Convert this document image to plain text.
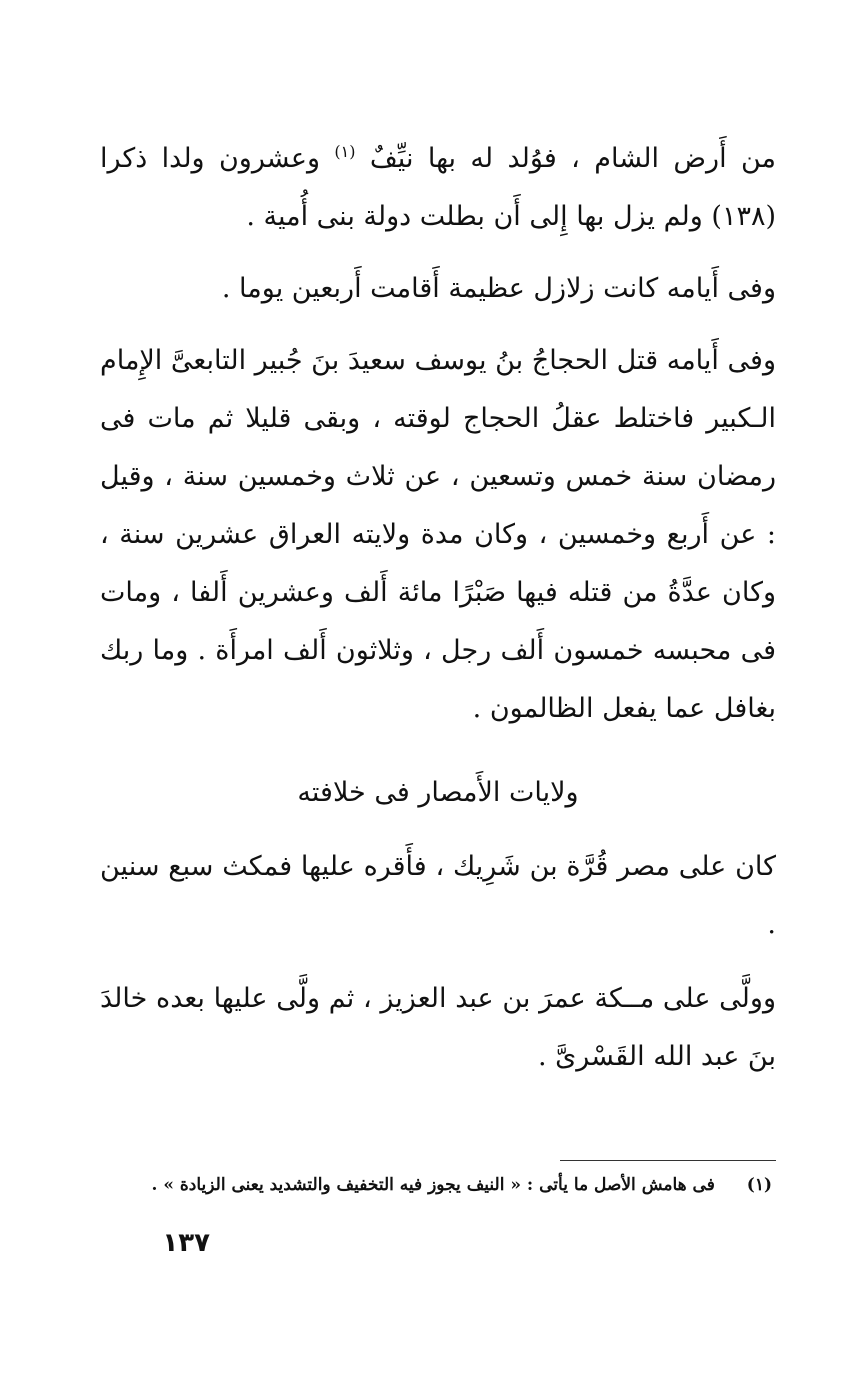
من أَرض الشام ، فوُلد له بها نيِّفٌ $^{(١)}$ وعشرون ولدا ذكرا (١٣٨) ولم يزل بها إِلى أَن بطلت دولة بنى أُمية .

وفى أَيامه كانت زلازل عظيمة أَقامت أَربعين يوما .

وفى أَيامه قتل الحجاجُ بنُ يوسف سعيدَ بنَ جُبير التابعىَّ الإِمام الـكبير فاختلط عقلُ الحجاج لوقته ، وبقى قليلا ثم مات فى رمضان سنة خمس وتسعين ، عن ثلاث وخمسين سنة ، وقيل : عن أَربع وخمسين ، وكان مدة ولايته العراق عشرين سنة ، وكان عدَّةُ من قتله فيها صَبْرًا مائة أَلف وعشرين أَلفا ، ومات فى محبسه خمسون أَلف رجل ، وثلاثون أَلف امرأَة . وما ربك بغافل عما يفعل الظالمون .

ولايات الأَمصار فى خلافته

كان على مصر قُرَّة بن شَرِيك ، فأَقره عليها فمكث سبع سنين .

وولَّى على مــكة عمرَ بن عبد العزيز ، ثم ولَّى عليها بعده خالدَ بنَ عبد الله القَسْرىَّ .

(١) فى هامش الأصل ما يأتى : « النيف يجوز فيه التخفيف والتشديد يعنى الزيادة » .
١٣٧
